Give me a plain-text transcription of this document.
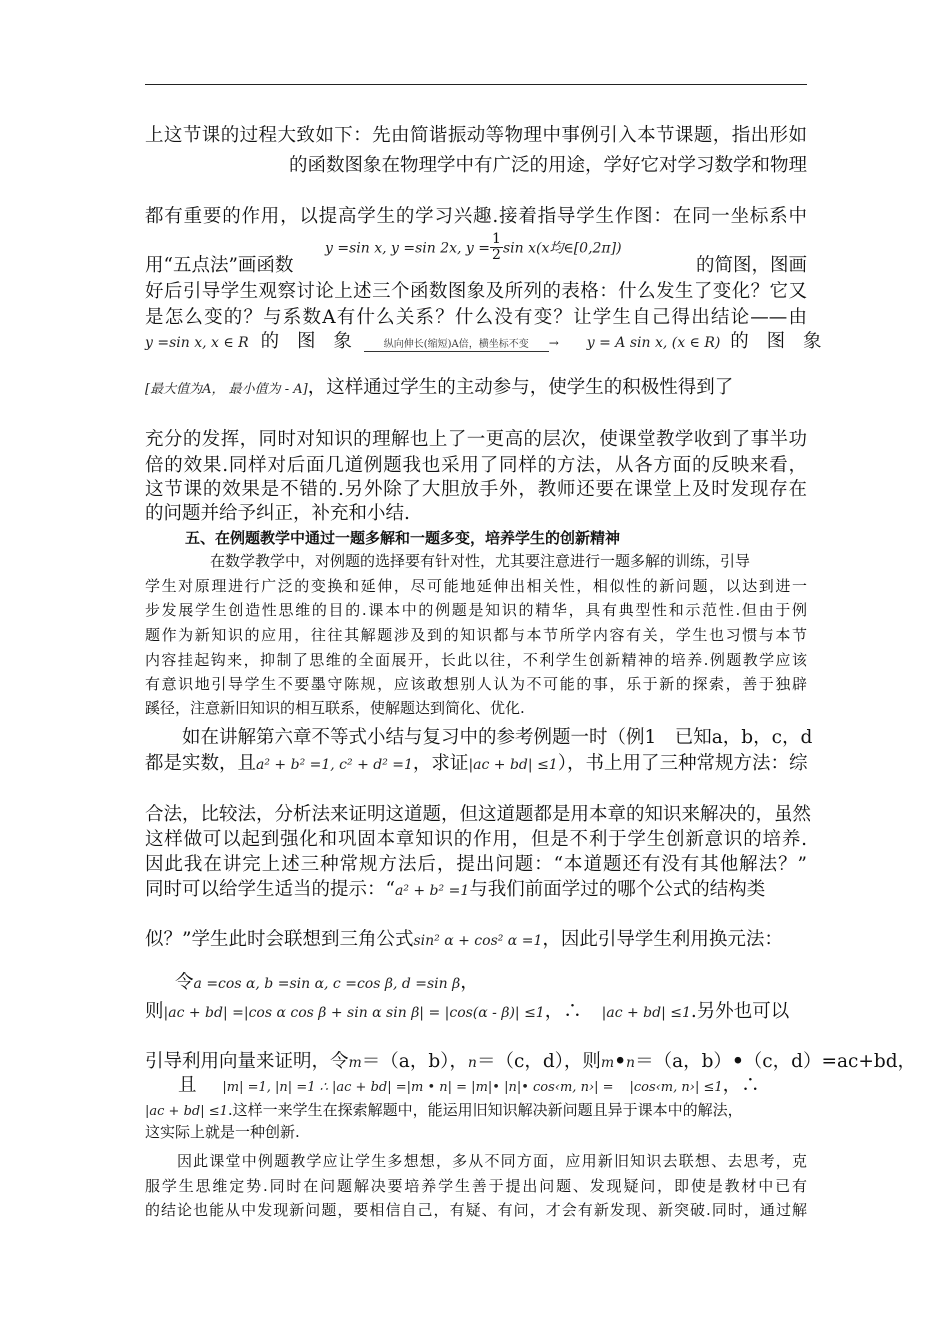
上这节课的过程大致如下：先由简谐振动等物理中事例引入本节课题，指出形如
的函数图象在物理学中有广泛的用途，学好它对学习数学和物理
都有重要的作用，以提高学生的学习兴趣.接着指导学生作图：在同一坐标系中
y =sin x, y =sin 2x, $y = \frac{1}{2}$ sin x(x均∈[0,2π])
用“五点法”画函数	的简图，图画
好后引导学生观察讨论上述三个函数图象及所列的表格：什么发生了变化？它又
是怎么变的？与系数A有什么关系？什么没有变？让学生自己得出结论——由
y =sin x, x ∈ R 的 图 象	纵向伸长(缩短)A倍，横坐标不变	→ y = A sin x, (x ∈ R) 的 图 象
[最大值为A， 最小值为 - A]，这样通过学生的主动参与，使学生的积极性得到了
充分的发挥，同时对知识的理解也上了一更高的层次，使课堂教学收到了事半功
倍的效果.同样对后面几道例题我也采用了同样的方法，从各方面的反映来看，
这节课的效果是不错的.另外除了大胆放手外，教师还要在课堂上及时发现存在
的问题并给予纠正，补充和小结.
五、在例题教学中通过一题多解和一题多变，培养学生的创新精神
在数学教学中，对例题的选择要有针对性，尤其要注意进行一题多解的训练，引导
学生对原理进行广泛的变换和延伸，尽可能地延伸出相关性，相似性的新问题，以达到进一
步发展学生创造性思维的目的.课本中的例题是知识的精华，具有典型性和示范性.但由于例
题作为新知识的应用，往往其解题涉及到的知识都与本节所学内容有关，学生也习惯与本节
内容挂起钩来，抑制了思维的全面展开，长此以往，不利学生创新精神的培养.例题教学应该
有意识地引导学生不要墨守陈规，应该敢想别人认为不可能的事，乐于新的探索，善于独辟
蹊径，注意新旧知识的相互联系，使解题达到简化、优化.
如在讲解第六章不等式小结与复习中的参考例题一时（例1　已知a，b，c，d
都是实数，且a² + b² =1, c² + d² =1，求证|ac + bd| ≤1），书上用了三种常规方法：综
合法，比较法，分析法来证明这道题，但这道题都是用本章的知识来解决的，虽然
这样做可以起到强化和巩固本章知识的作用，但是不利于学生创新意识的培养.
因此我在讲完上述三种常规方法后，提出问题：“本道题还有没有其他解法？”
同时可以给学生适当的提示：“a² + b² =1与我们前面学过的哪个公式的结构类
似？”学生此时会联想到三角公式sin² α + cos² α =1，因此引导学生利用换元法：
令a =cos α, b =sin α, c =cos β, d =sin β，
则|ac + bd| =|cos α cos β + sin α sin β| = |cos(α - β)| ≤1，∴ |ac + bd| ≤1.另外也可以
引导利用向量来证明，令m＝（a，b），n＝（c，d），则m•n＝（a，b）•（c，d）=ac+bd，
且 |m| =1, |n| =1 ∴ |ac + bd| =|m • n| = |m|• |n|• cos‹m, n›| = |cos‹m, n›| ≤1，∴
|ac + bd| ≤1.这样一来学生在探索解题中，能运用旧知识解决新问题且异于课本中的解法，
这实际上就是一种创新.
因此课堂中例题教学应让学生多想想，多从不同方面，应用新旧知识去联想、去思考，克
服学生思维定势.同时在问题解决要培养学生善于提出问题、发现疑问，即使是教材中已有
的结论也能从中发现新问题，要相信自己，有疑、有问，才会有新发现、新突破.同时，通过解
